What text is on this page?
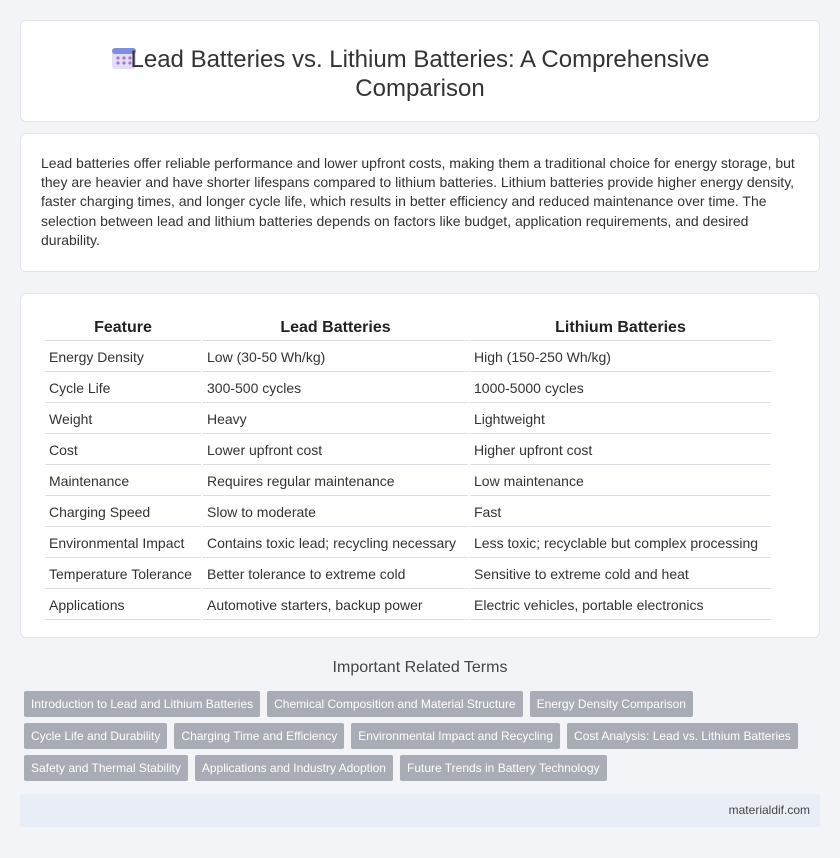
Lead Batteries vs. Lithium Batteries: A Comprehensive Comparison

Lead batteries offer reliable performance and lower upfront costs, making them a traditional choice for energy storage, but they are heavier and have shorter lifespans compared to lithium batteries. Lithium batteries provide higher energy density, faster charging times, and longer cycle life, which results in better efficiency and reduced maintenance over time. The selection between lead and lithium batteries depends on factors like budget, application requirements, and desired durability.

Feature	Lead Batteries	Lithium Batteries
Energy Density	Low (30-50 Wh/kg)	High (150-250 Wh/kg)
Cycle Life	300-500 cycles	1000-5000 cycles
Weight	Heavy	Lightweight
Cost	Lower upfront cost	Higher upfront cost
Maintenance	Requires regular maintenance	Low maintenance
Charging Speed	Slow to moderate	Fast
Environmental Impact	Contains toxic lead; recycling necessary	Less toxic; recyclable but complex processing
Temperature Tolerance	Better tolerance to extreme cold	Sensitive to extreme cold and heat
Applications	Automotive starters, backup power	Electric vehicles, portable electronics
Important Related Terms
Introduction to Lead and Lithium Batteries	Chemical Composition and Material Structure	Energy Density Comparison
Cycle Life and Durability	Charging Time and Efficiency	Environmental Impact and Recycling	Cost Analysis: Lead vs. Lithium Batteries
Safety and Thermal Stability	Applications and Industry Adoption	Future Trends in Battery Technology
materialdif.com
